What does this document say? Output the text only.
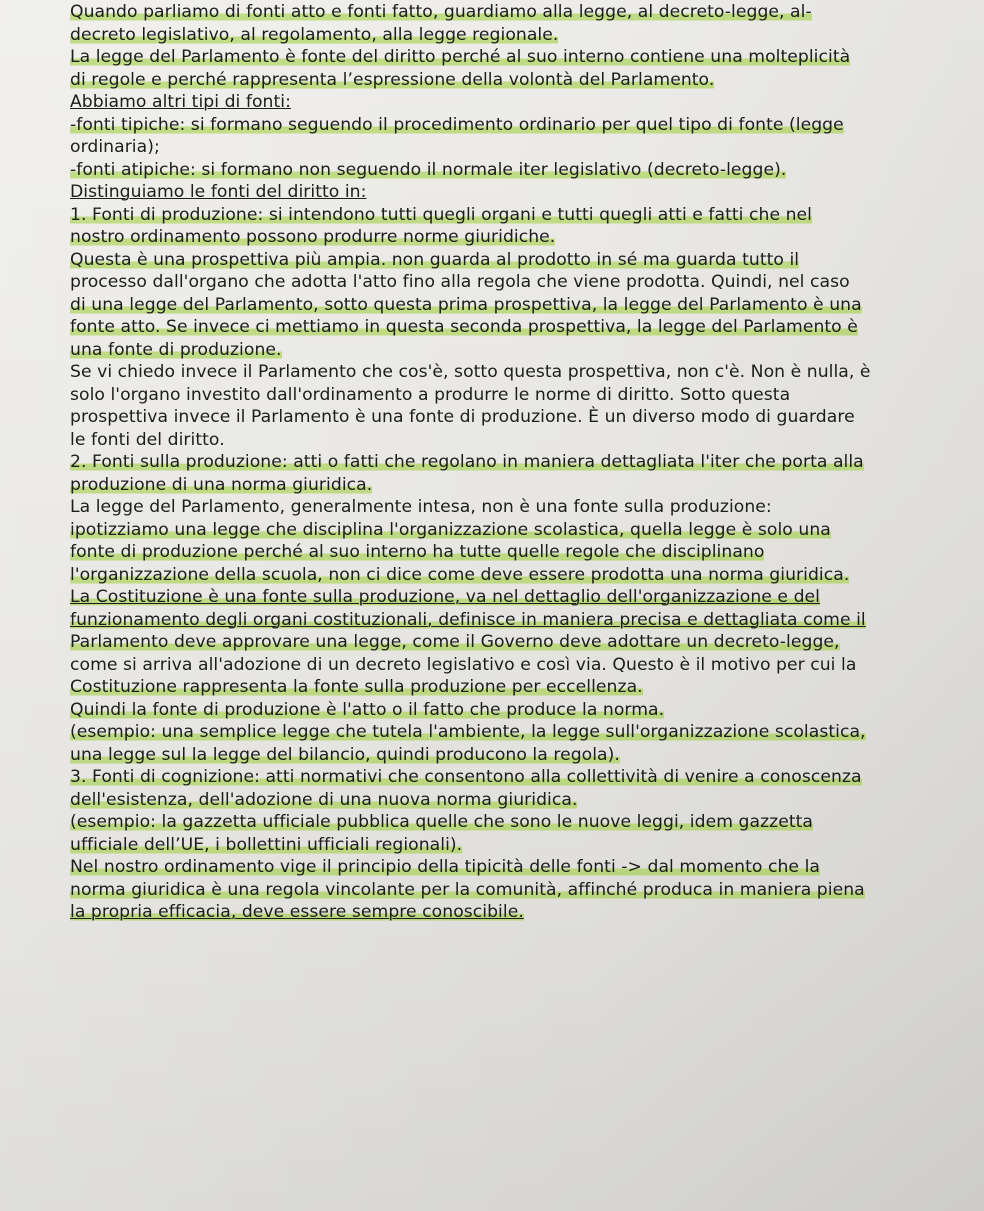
Quando parliamo di fonti atto e fonti fatto, guardiamo alla legge, al decreto-legge, al-
decreto legislativo, al regolamento, alla legge regionale.
La legge del Parlamento è fonte del diritto perché al suo interno contiene una molteplicità
di regole e perché rappresenta l’espressione della volontà del Parlamento.
Abbiamo altri tipi di fonti:
-fonti tipiche: si formano seguendo il procedimento ordinario per quel tipo di fonte (legge
ordinaria);
-fonti atipiche: si formano non seguendo il normale iter legislativo (decreto-legge).
Distinguiamo le fonti del diritto in:
1. Fonti di produzione: si intendono tutti quegli organi e tutti quegli atti e fatti che nel
nostro ordinamento possono produrre norme giuridiche.
Questa è una prospettiva più ampia. non guarda al prodotto in sé ma guarda tutto il
processo dall'organo che adotta l'atto fino alla regola che viene prodotta. Quindi, nel caso
di una legge del Parlamento, sotto questa prima prospettiva, la legge del Parlamento è una
fonte atto. Se invece ci mettiamo in questa seconda prospettiva, la legge del Parlamento è
una fonte di produzione.
Se vi chiedo invece il Parlamento che cos'è, sotto questa prospettiva, non c'è. Non è nulla, è
solo l'organo investito dall'ordinamento a produrre le norme di diritto. Sotto questa
prospettiva invece il Parlamento è una fonte di produzione. È un diverso modo di guardare
le fonti del diritto.
2. Fonti sulla produzione: atti o fatti che regolano in maniera dettagliata l'iter che porta alla
produzione di una norma giuridica.
La legge del Parlamento, generalmente intesa, non è una fonte sulla produzione:
ipotizziamo una legge che disciplina l'organizzazione scolastica, quella legge è solo una
fonte di produzione perché al suo interno ha tutte quelle regole che disciplinano
l'organizzazione della scuola, non ci dice come deve essere prodotta una norma giuridica.
La Costituzione è una fonte sulla produzione, va nel dettaglio dell'organizzazione e del
funzionamento degli organi costituzionali, definisce in maniera precisa e dettagliata come il
Parlamento deve approvare una legge, come il Governo deve adottare un decreto-legge,
come si arriva all'adozione di un decreto legislativo e così via. Questo è il motivo per cui la
Costituzione rappresenta la fonte sulla produzione per eccellenza.
Quindi la fonte di produzione è l'atto o il fatto che produce la norma.
(esempio: una semplice legge che tutela l'ambiente, la legge sull'organizzazione scolastica,
una legge sul la legge del bilancio, quindi producono la regola).
3. Fonti di cognizione: atti normativi che consentono alla collettività di venire a conoscenza
dell'esistenza, dell'adozione di una nuova norma giuridica.
(esempio: la gazzetta ufficiale pubblica quelle che sono le nuove leggi, idem gazzetta
ufficiale dell’UE, i bollettini ufficiali regionali).
Nel nostro ordinamento vige il principio della tipicità delle fonti -> dal momento che la
norma giuridica è una regola vincolante per la comunità, affinché produca in maniera piena
la propria efficacia, deve essere sempre conoscibile.
